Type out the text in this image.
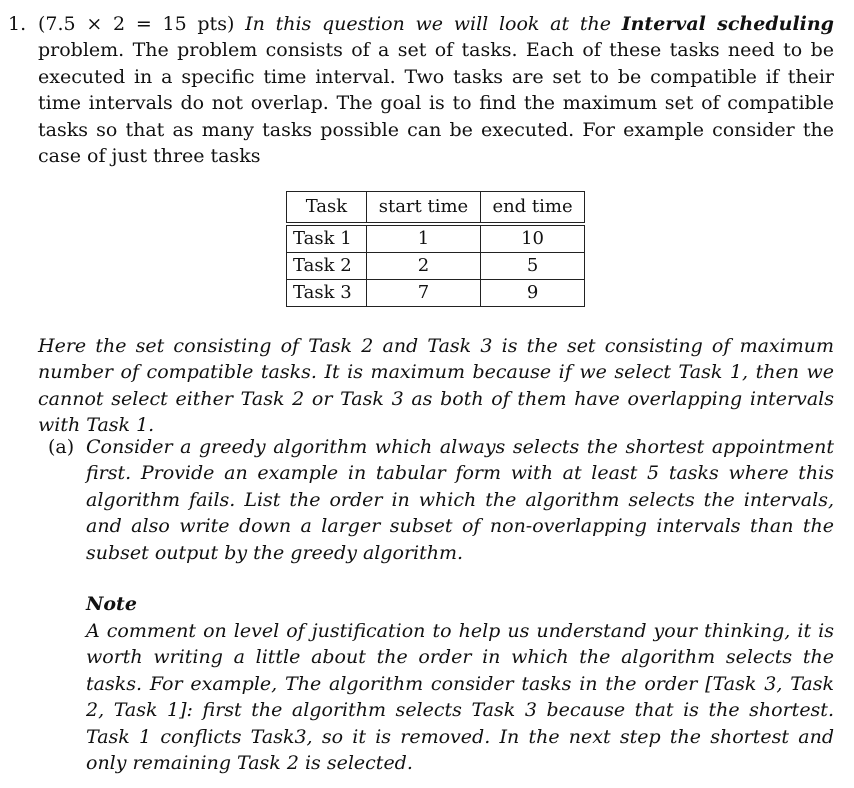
1. (7.5 × 2 = 15 pts) In this question we will look at the Interval scheduling problem. The problem consists of a set of tasks. Each of these tasks need to be executed in a specific time interval. Two tasks are set to be compatible if their time intervals do not overlap. The goal is to find the maximum set of compatible tasks so that as many tasks possible can be executed. For example consider the case of just three tasks
Task	start time	end time
Task 1	1	10
Task 2	2	5
Task 3	7	9
Here the set consisting of Task 2 and Task 3 is the set consisting of maximum number of compatible tasks. It is maximum because if we select Task 1, then we cannot select either Task 2 or Task 3 as both of them have overlapping intervals with Task 1.
(a) Consider a greedy algorithm which always selects the shortest appointment first. Provide an example in tabular form with at least 5 tasks where this algorithm fails. List the order in which the algorithm selects the intervals, and also write down a larger subset of non-overlapping intervals than the subset output by the greedy algorithm.
Note
A comment on level of justification to help us understand your thinking, it is worth writing a little about the order in which the algorithm selects the tasks. For example, The algorithm consider tasks in the order [Task 3, Task 2, Task 1]: first the algorithm selects Task 3 because that is the shortest. Task 1 conflicts Task3, so it is removed. In the next step the shortest and only remaining Task 2 is selected.
